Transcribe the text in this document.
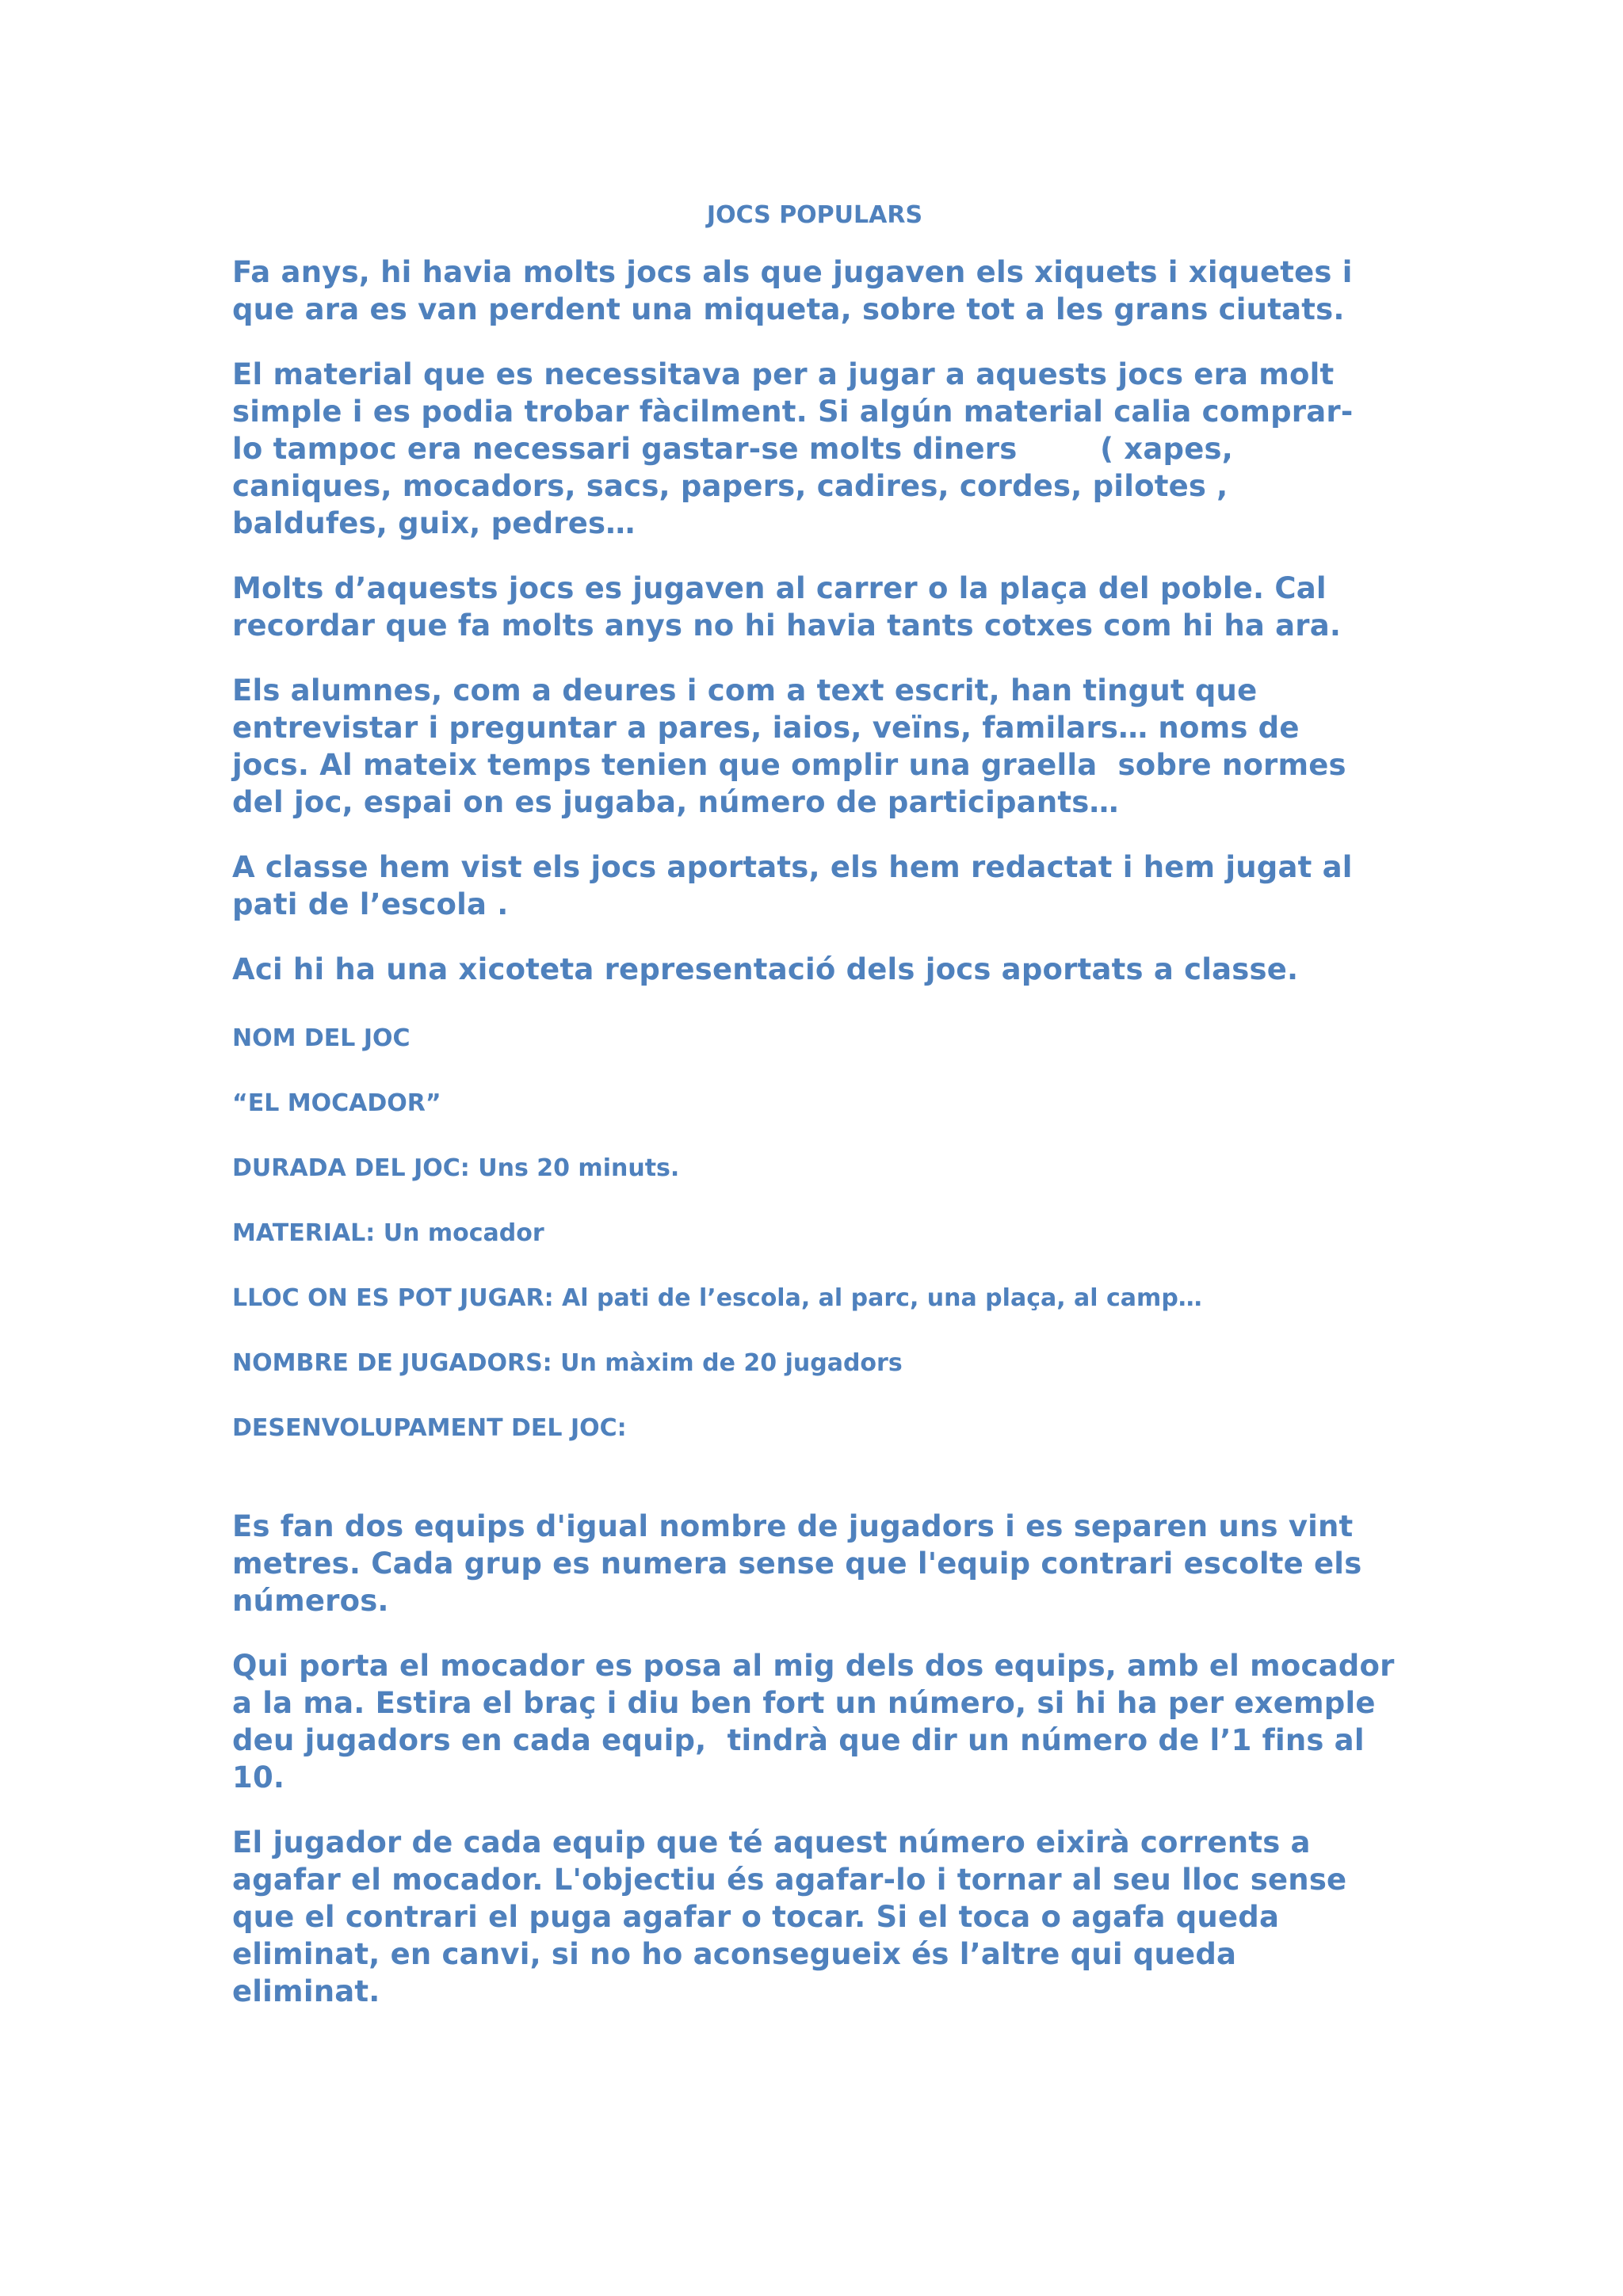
JOCS POPULARS
Fa anys, hi havia molts jocs als que jugaven els xiquets i xiquetes i que ara es van perdent una miqueta, sobre tot a les grans ciutats.
El material que es necessitava per a jugar a aquests jocs era molt simple i es podia trobar fàcilment. Si algún material calia comprar-lo tampoc era necessari gastar-se molts diners        ( xapes, caniques, mocadors, sacs, papers, cadires, cordes, pilotes , baldufes, guix, pedres…
Molts d’aquests jocs es jugaven al carrer o la plaça del poble. Cal recordar que fa molts anys no hi havia tants cotxes com hi ha ara.
Els alumnes, com a deures i com a text escrit, han tingut que entrevistar i preguntar a pares, iaios, veïns, familars… noms de jocs. Al mateix temps tenien que omplir una graella  sobre normes del joc, espai on es jugaba, número de participants…
A classe hem vist els jocs aportats, els hem redactat i hem jugat al pati de l’escola .
Aci hi ha una xicoteta representació dels jocs aportats a classe.
NOM DEL JOC
“EL MOCADOR”
DURADA DEL JOC: Uns 20 minuts.
MATERIAL: Un mocador
LLOC ON ES POT JUGAR: Al pati de l’escola, al parc, una plaça, al camp…
NOMBRE DE JUGADORS: Un màxim de 20 jugadors
DESENVOLUPAMENT DEL JOC:
Es fan dos equips d'igual nombre de jugadors i es separen uns vint metres. Cada grup es numera sense que l'equip contrari escolte els números.
Qui porta el mocador es posa al mig dels dos equips, amb el mocador a la ma. Estira el braç i diu ben fort un número, si hi ha per exemple deu jugadors en cada equip,  tindrà que dir un número de l’1 fins al 10.
El jugador de cada equip que té aquest número eixirà corrents a agafar el mocador. L'objectiu és agafar-lo i tornar al seu lloc sense que el contrari el puga agafar o tocar. Si el toca o agafa queda eliminat, en canvi, si no ho aconsegueix és l’altre qui queda eliminat.
